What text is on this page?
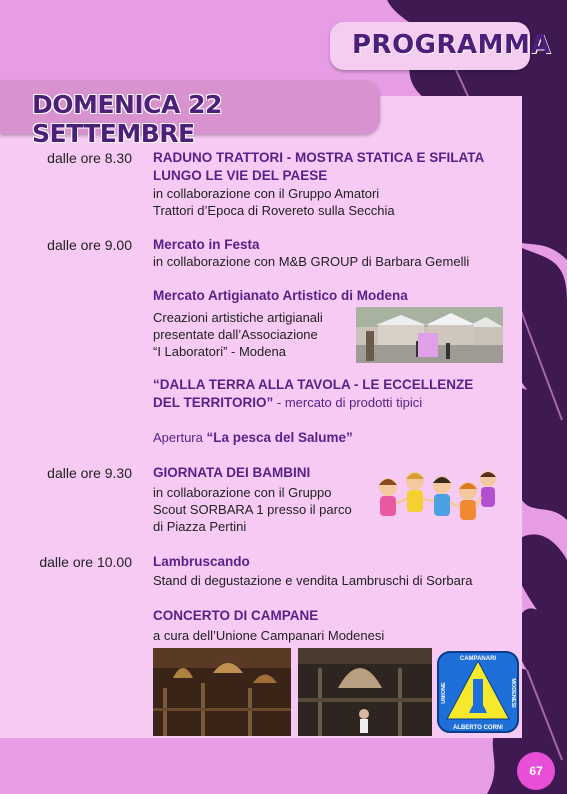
PROGRAMMA
DOMENICA 22 SETTEMBRE
dalle ore 8.30 RADUNO TRATTORI - MOSTRA STATICA E SFILATA
LUNGO LE VIE DEL PAESE
in collaborazione con il Gruppo Amatori
Trattori d’Epoca di Rovereto sulla Secchia
dalle ore 9.00 Mercato in Festa
in collaborazione con M&B GROUP di Barbara Gemelli
Mercato Artigianato Artistico di Modena
Creazioni artistiche artigianali
presentate dall’Associazione
“I Laboratori” - Modena
“DALLA TERRA ALLA TAVOLA - LE ECCELLENZE
DEL TERRITORIO” - mercato di prodotti tipici
Apertura “La pesca del Salume”
dalle ore 9.30 GIORNATA DEI BAMBINI
in collaborazione con il Gruppo
Scout SORBARA 1 presso il parco
di Piazza Pertini
dalle ore 10.00 Lambruscando
Stand di degustazione e vendita Lambruschi di Sorbara
CONCERTO DI CAMPANE
a cura dell’Unione Campanari Modenesi
CAMPANARI
ALBERTO CORNI
UNIONE	MODENESI
67
